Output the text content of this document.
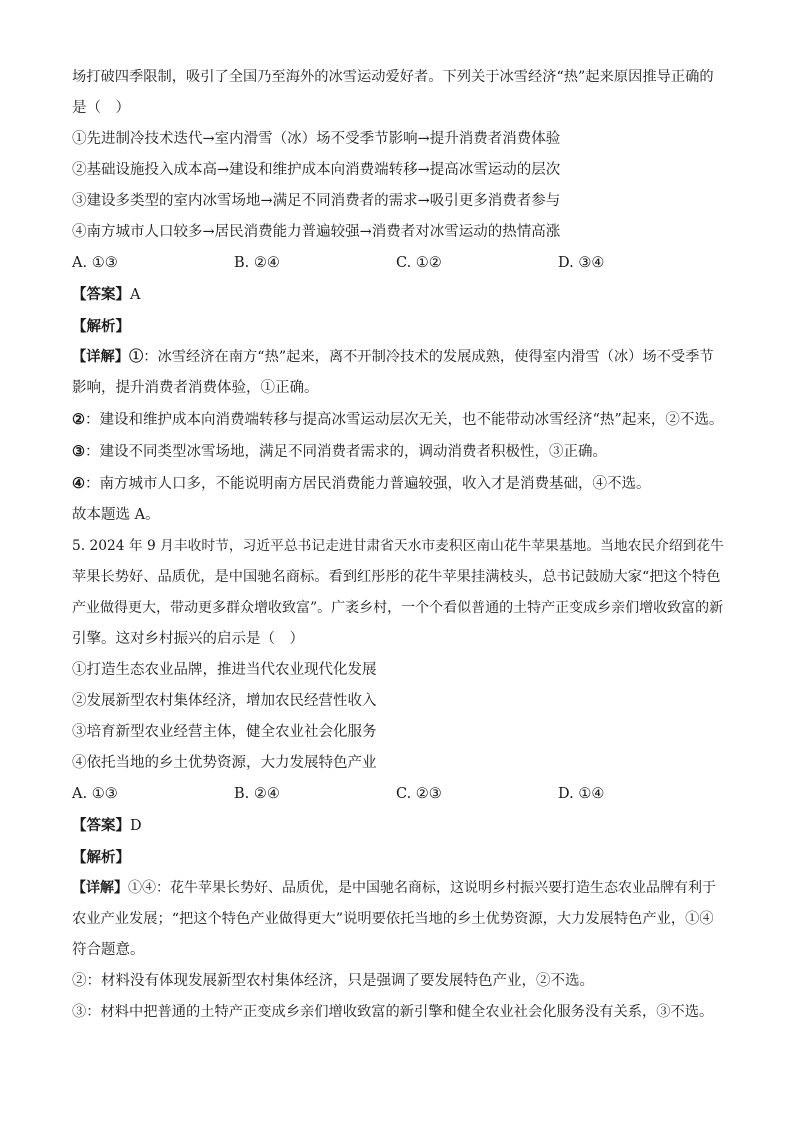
场打破四季限制，吸引了全国乃至海外的冰雪运动爱好者。下列关于冰雪经济“热”起来原因推导正确的
是（　）
①先进制冷技术迭代→室内滑雪（冰）场不受季节影响→提升消费者消费体验
②基础设施投入成本高→建设和维护成本向消费端转移→提高冰雪运动的层次
③建设多类型的室内冰雪场地→满足不同消费者的需求→吸引更多消费者参与
④南方城市人口较多→居民消费能力普遍较强→消费者对冰雪运动的热情高涨
A. ①③	B. ②④	C. ①②	D. ③④
【答案】A
【解析】
【详解】①：冰雪经济在南方“热”起来，离不开制冷技术的发展成熟，使得室内滑雪（冰）场不受季节
影响，提升消费者消费体验，①正确。
②：建设和维护成本向消费端转移与提高冰雪运动层次无关，也不能带动冰雪经济“热”起来，②不选。
③：建设不同类型冰雪场地，满足不同消费者需求的，调动消费者积极性，③正确。
④：南方城市人口多，不能说明南方居民消费能力普遍较强，收入才是消费基础，④不选。
故本题选 A。
5. 2024 年 9 月丰收时节，习近平总书记走进甘肃省天水市麦积区南山花牛苹果基地。当地农民介绍到花牛
苹果长势好、品质优，是中国驰名商标。看到红彤彤的花牛苹果挂满枝头，总书记鼓励大家“把这个特色
产业做得更大，带动更多群众增收致富”。广袤乡村，一个个看似普通的土特产正变成乡亲们增收致富的新
引擎。这对乡村振兴的启示是（　）
①打造生态农业品牌，推进当代农业现代化发展
②发展新型农村集体经济，增加农民经营性收入
③培育新型农业经营主体，健全农业社会化服务
④依托当地的乡土优势资源，大力发展特色产业
A. ①③	B. ②④	C. ②③	D. ①④
【答案】D
【解析】
【详解】①④：花牛苹果长势好、品质优，是中国驰名商标，这说明乡村振兴要打造生态农业品牌有利于
农业产业发展；“把这个特色产业做得更大”说明要依托当地的乡土优势资源，大力发展特色产业，①④
符合题意。
②：材料没有体现发展新型农村集体经济，只是强调了要发展特色产业，②不选。
③：材料中把普通的土特产正变成乡亲们增收致富的新引擎和健全农业社会化服务没有关系，③不选。
